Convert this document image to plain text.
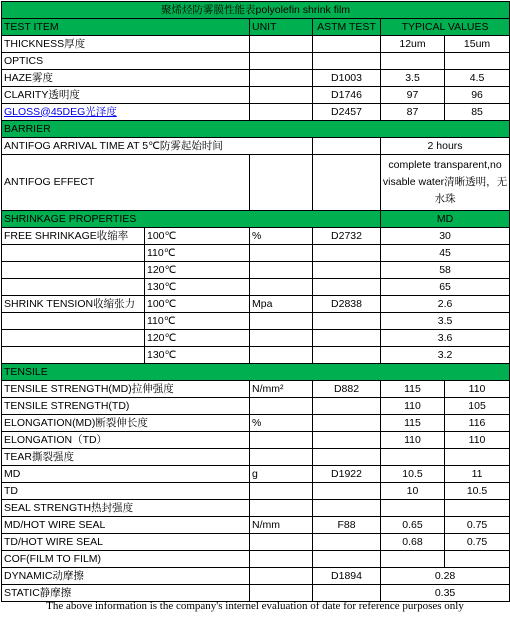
聚烯烃防雾膜性能表polyolefin shrink film					
TEST ITEM		UNIT	ASTM TEST	TYPICAL VALUES	
THICKNESS厚度				12um	15um
OPTICS					
HAZE雾度			D1003	3.5	4.5
CLARITY透明度			D1746	97	96
GLOSS@45DEG光泽度			D2457	87	85
BARRIER					
ANTIFOG ARRIVAL TIME AT 5℃防雾起始时间				2 hours	
ANTIFOG EFFECT				complete transparent,no visable water清晰透明，无水珠	
SHRINKAGE PROPERTIES				MD	
FREE SHRINKAGE收缩率	100℃	%	D2732	30	
	110℃			45	
	120℃			58	
	130℃			65	
SHRINK TENSION收缩张力	100℃	Mpa	D2838	2.6	
	110℃			3.5	
	120℃			3.6	
	130℃			3.2	
TENSILE					
TENSILE STRENGTH(MD)拉伸强度		N/mm²	D882	115	110
TENSILE STRENGTH(TD)				110	105
ELONGATION(MD)断裂伸长度		%		115	116
ELONGATION（TD）				110	110
TEAR撕裂强度					
MD		g	D1922	10.5	11
TD				10	10.5
SEAL STRENGTH热封强度					
MD/HOT WIRE SEAL		N/mm	F88	0.65	0.75
TD/HOT WIRE SEAL				0.68	0.75
COF(FILM TO FILM)					
DYNAMIC动摩擦			D1894	0.28	
STATIC静摩擦				0.35	
The above information is the company's internel evaluation of date for reference purposes only
